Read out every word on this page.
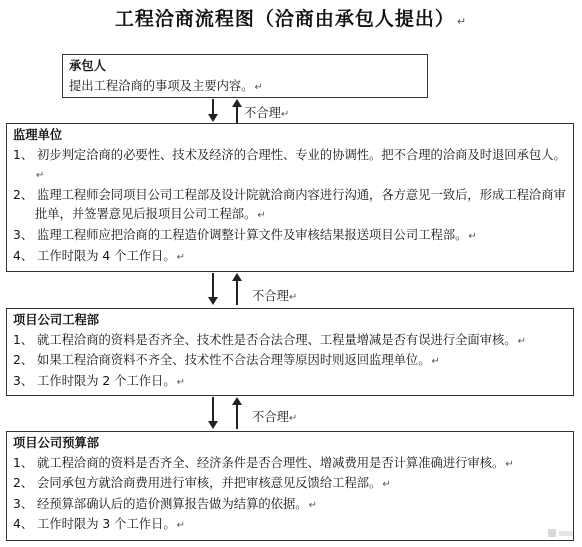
工程洽商流程图（洽商由承包人提出） ↵
承包人
提出工程洽商的事项及主要内容。↵
不合理↵
监理单位
1、 初步判定洽商的必要性、技术及经济的合理性、专业的协调性。把不合理的洽商及时退回承包人。↵
2、 监理工程师会同项目公司工程部及设计院就洽商内容进行沟通，各方意见一致后，形成工程洽商审批单，并签署意见后报项目公司工程部。↵
3、 监理工程师应把洽商的工程造价调整计算文件及审核结果报送项目公司工程部。↵
4、 工作时限为 4 个工作日。↵
不合理↵
项目公司工程部
1、 就工程洽商的资料是否齐全、技术性是否合法合理、工程量增减是否有误进行全面审核。↵
2、 如果工程洽商资料不齐全、技术性不合法合理等原因时则返回监理单位。↵
3、 工作时限为 2 个工作日。↵
不合理↵
项目公司预算部
1、 就工程洽商的资料是否齐全、经济条件是否合理性、增减费用是否计算准确进行审核。↵
2、 会同承包方就洽商费用进行审核，并把审核意见反馈给工程部。↵
3、 经预算部确认后的造价测算报告做为结算的依据。↵
4、 工作时限为 3 个工作日。↵
